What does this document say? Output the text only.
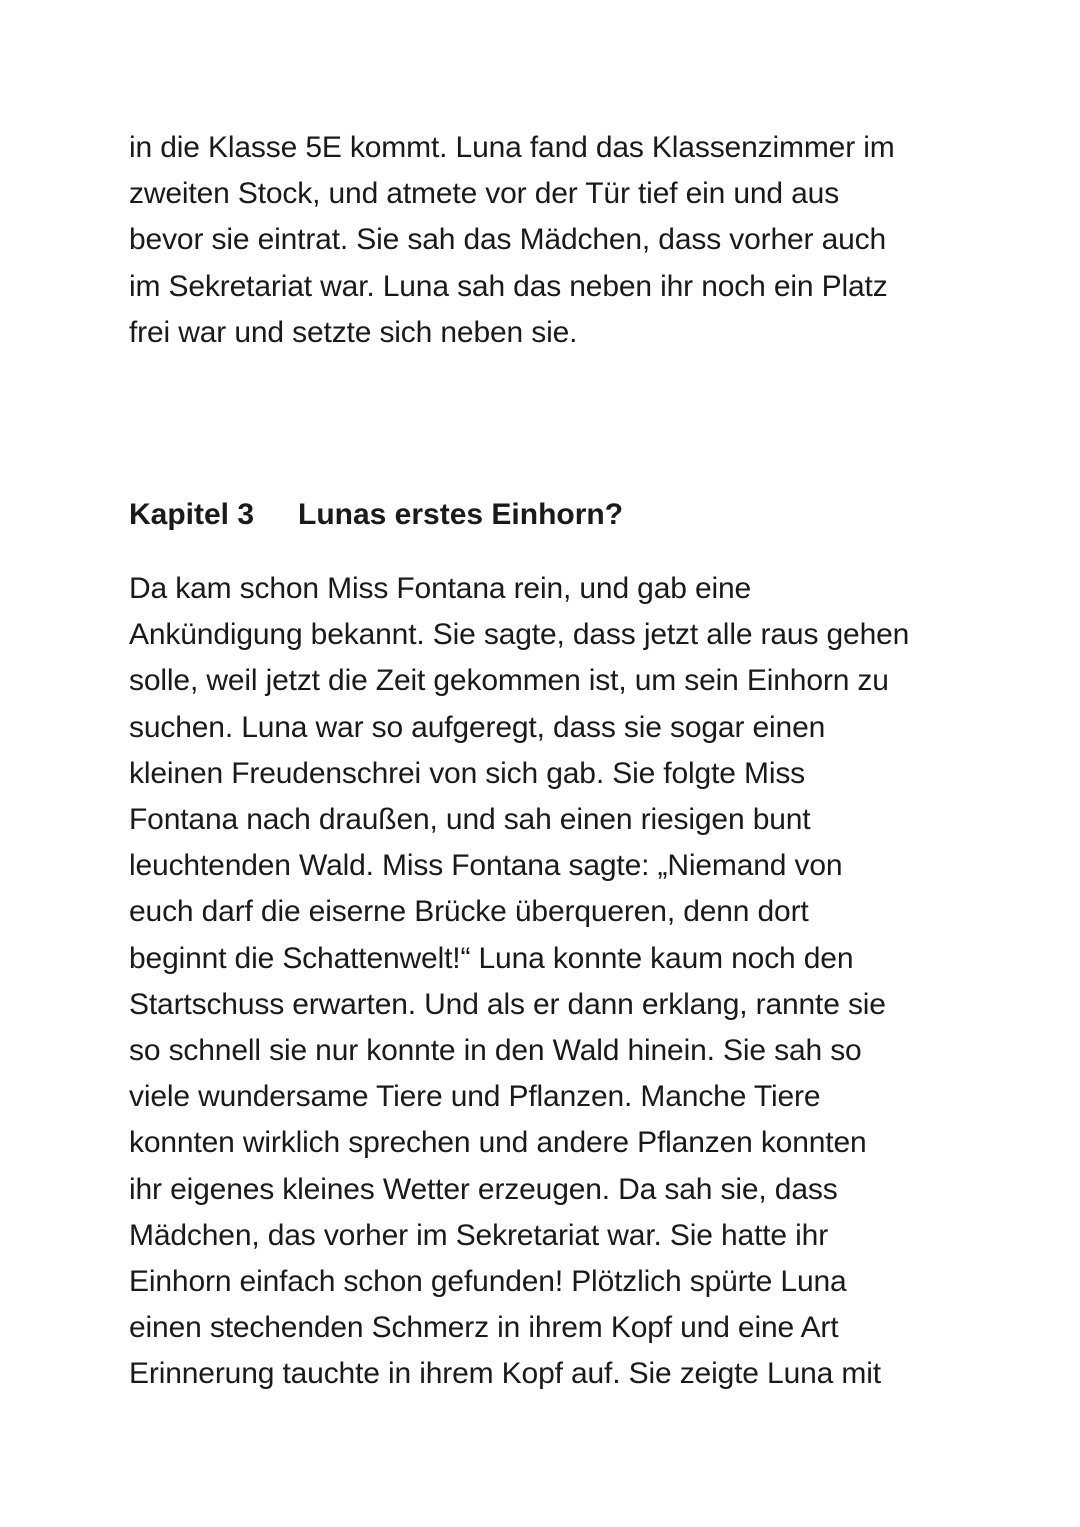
in die Klasse 5E kommt. Luna fand das Klassenzimmer im
zweiten Stock, und atmete vor der Tür tief ein und aus
bevor sie eintrat. Sie sah das Mädchen, dass vorher auch
im Sekretariat war. Luna sah das neben ihr noch ein Platz
frei war und setzte sich neben sie.
Kapitel 3 Lunas erstes Einhorn?
Da kam schon Miss Fontana rein, und gab eine
Ankündigung bekannt. Sie sagte, dass jetzt alle raus gehen
solle, weil jetzt die Zeit gekommen ist, um sein Einhorn zu
suchen. Luna war so aufgeregt, dass sie sogar einen
kleinen Freudenschrei von sich gab. Sie folgte Miss
Fontana nach draußen, und sah einen riesigen bunt
leuchtenden Wald. Miss Fontana sagte: „Niemand von
euch darf die eiserne Brücke überqueren, denn dort
beginnt die Schattenwelt!“ Luna konnte kaum noch den
Startschuss erwarten. Und als er dann erklang, rannte sie
so schnell sie nur konnte in den Wald hinein. Sie sah so
viele wundersame Tiere und Pflanzen. Manche Tiere
konnten wirklich sprechen und andere Pflanzen konnten
ihr eigenes kleines Wetter erzeugen. Da sah sie, dass
Mädchen, das vorher im Sekretariat war. Sie hatte ihr
Einhorn einfach schon gefunden! Plötzlich spürte Luna
einen stechenden Schmerz in ihrem Kopf und eine Art
Erinnerung tauchte in ihrem Kopf auf. Sie zeigte Luna mit
